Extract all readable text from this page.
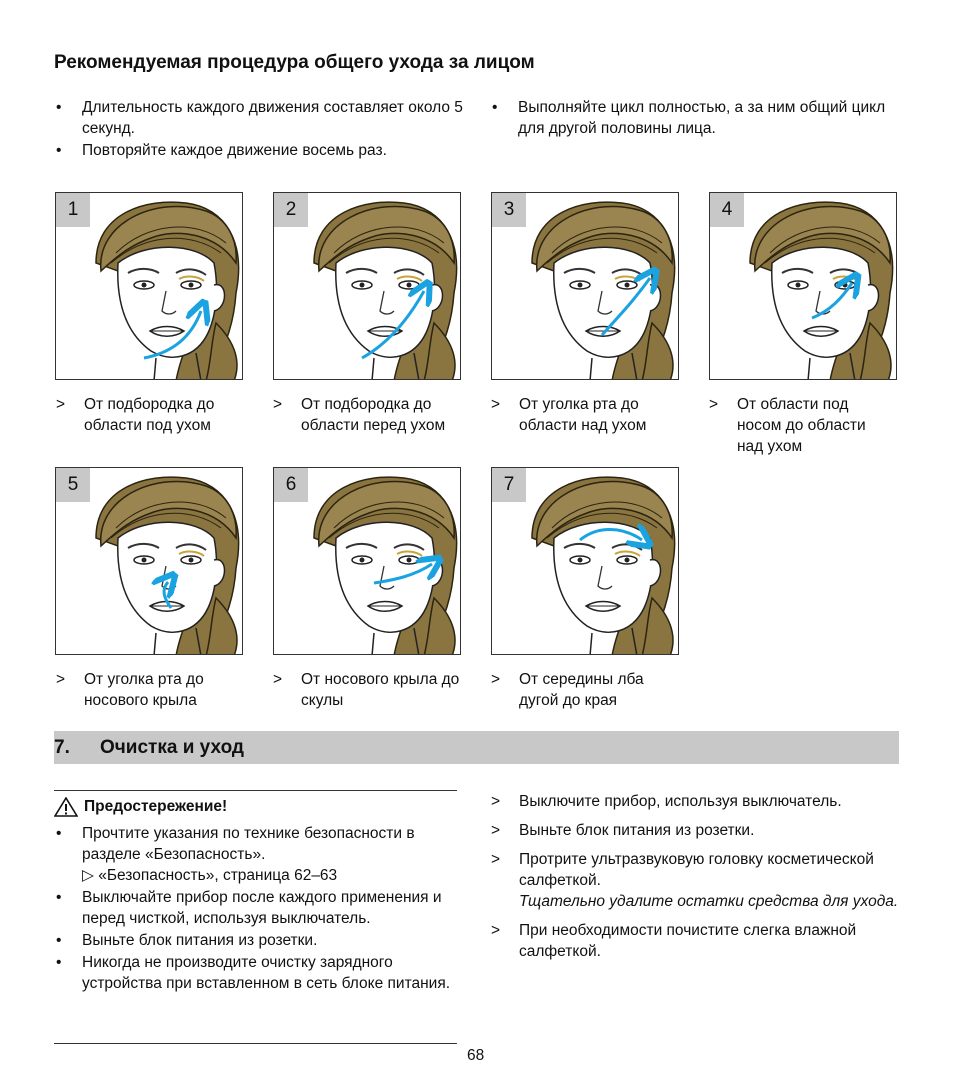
Рекомендуемая процедура общего ухода за лицом
• Длительность каждого движения составляет около 5 секунд.
• Повторяйте каждое движение восемь раз.
• Выполняйте цикл полностью, а за ним общий цикл для другой половины лица.
1	2	3	4
> От подбородка до области под ухом
> От подбородка до области перед ухом
> От уголка рта до области над ухом
> От области под носом до области над ухом
5	6	7
> От уголка рта до носового крыла
> От носового крыла до скулы
> От середины лба дугой до края
7. Очистка и уход
Предостережение!
• Прочтите указания по технике безопасности в разделе «Безопасность».
▷ «Безопасность», страница 62–63
• Выключайте прибор после каждого применения и перед чисткой, используя выключатель.
• Выньте блок питания из розетки.
• Никогда не производите очистку зарядного устройства при вставленном в сеть блоке питания.
> Выключите прибор, используя выключатель.
> Выньте блок питания из розетки.
> Протрите ультразвуковую головку косметической салфеткой.
Тщательно удалите остатки средства для ухода.
> При необходимости почистите слегка влажной салфеткой.
68
